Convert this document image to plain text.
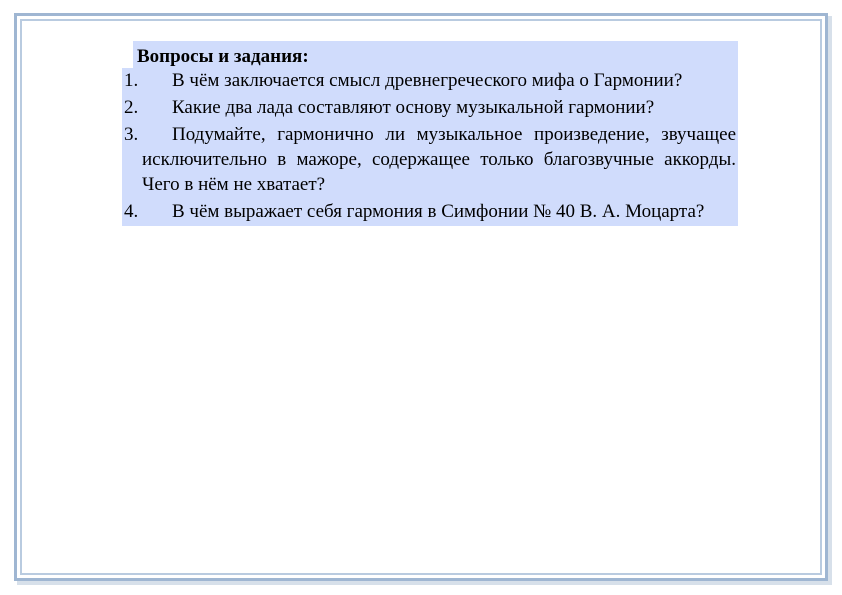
Вопросы и задания:
1.	В чём заключается смысл древнегреческого мифа о Гармонии?
2.	Какие два лада составляют основу музыкальной гармонии?
3.	Подумайте, гармонично ли музыкальное произведение, звучащее исключительно в мажоре, содержащее только благозвучные аккорды. Чего в нём не хватает?
4.	В чём выражает себя гармония в Симфонии № 40 В. А. Моцарта?
